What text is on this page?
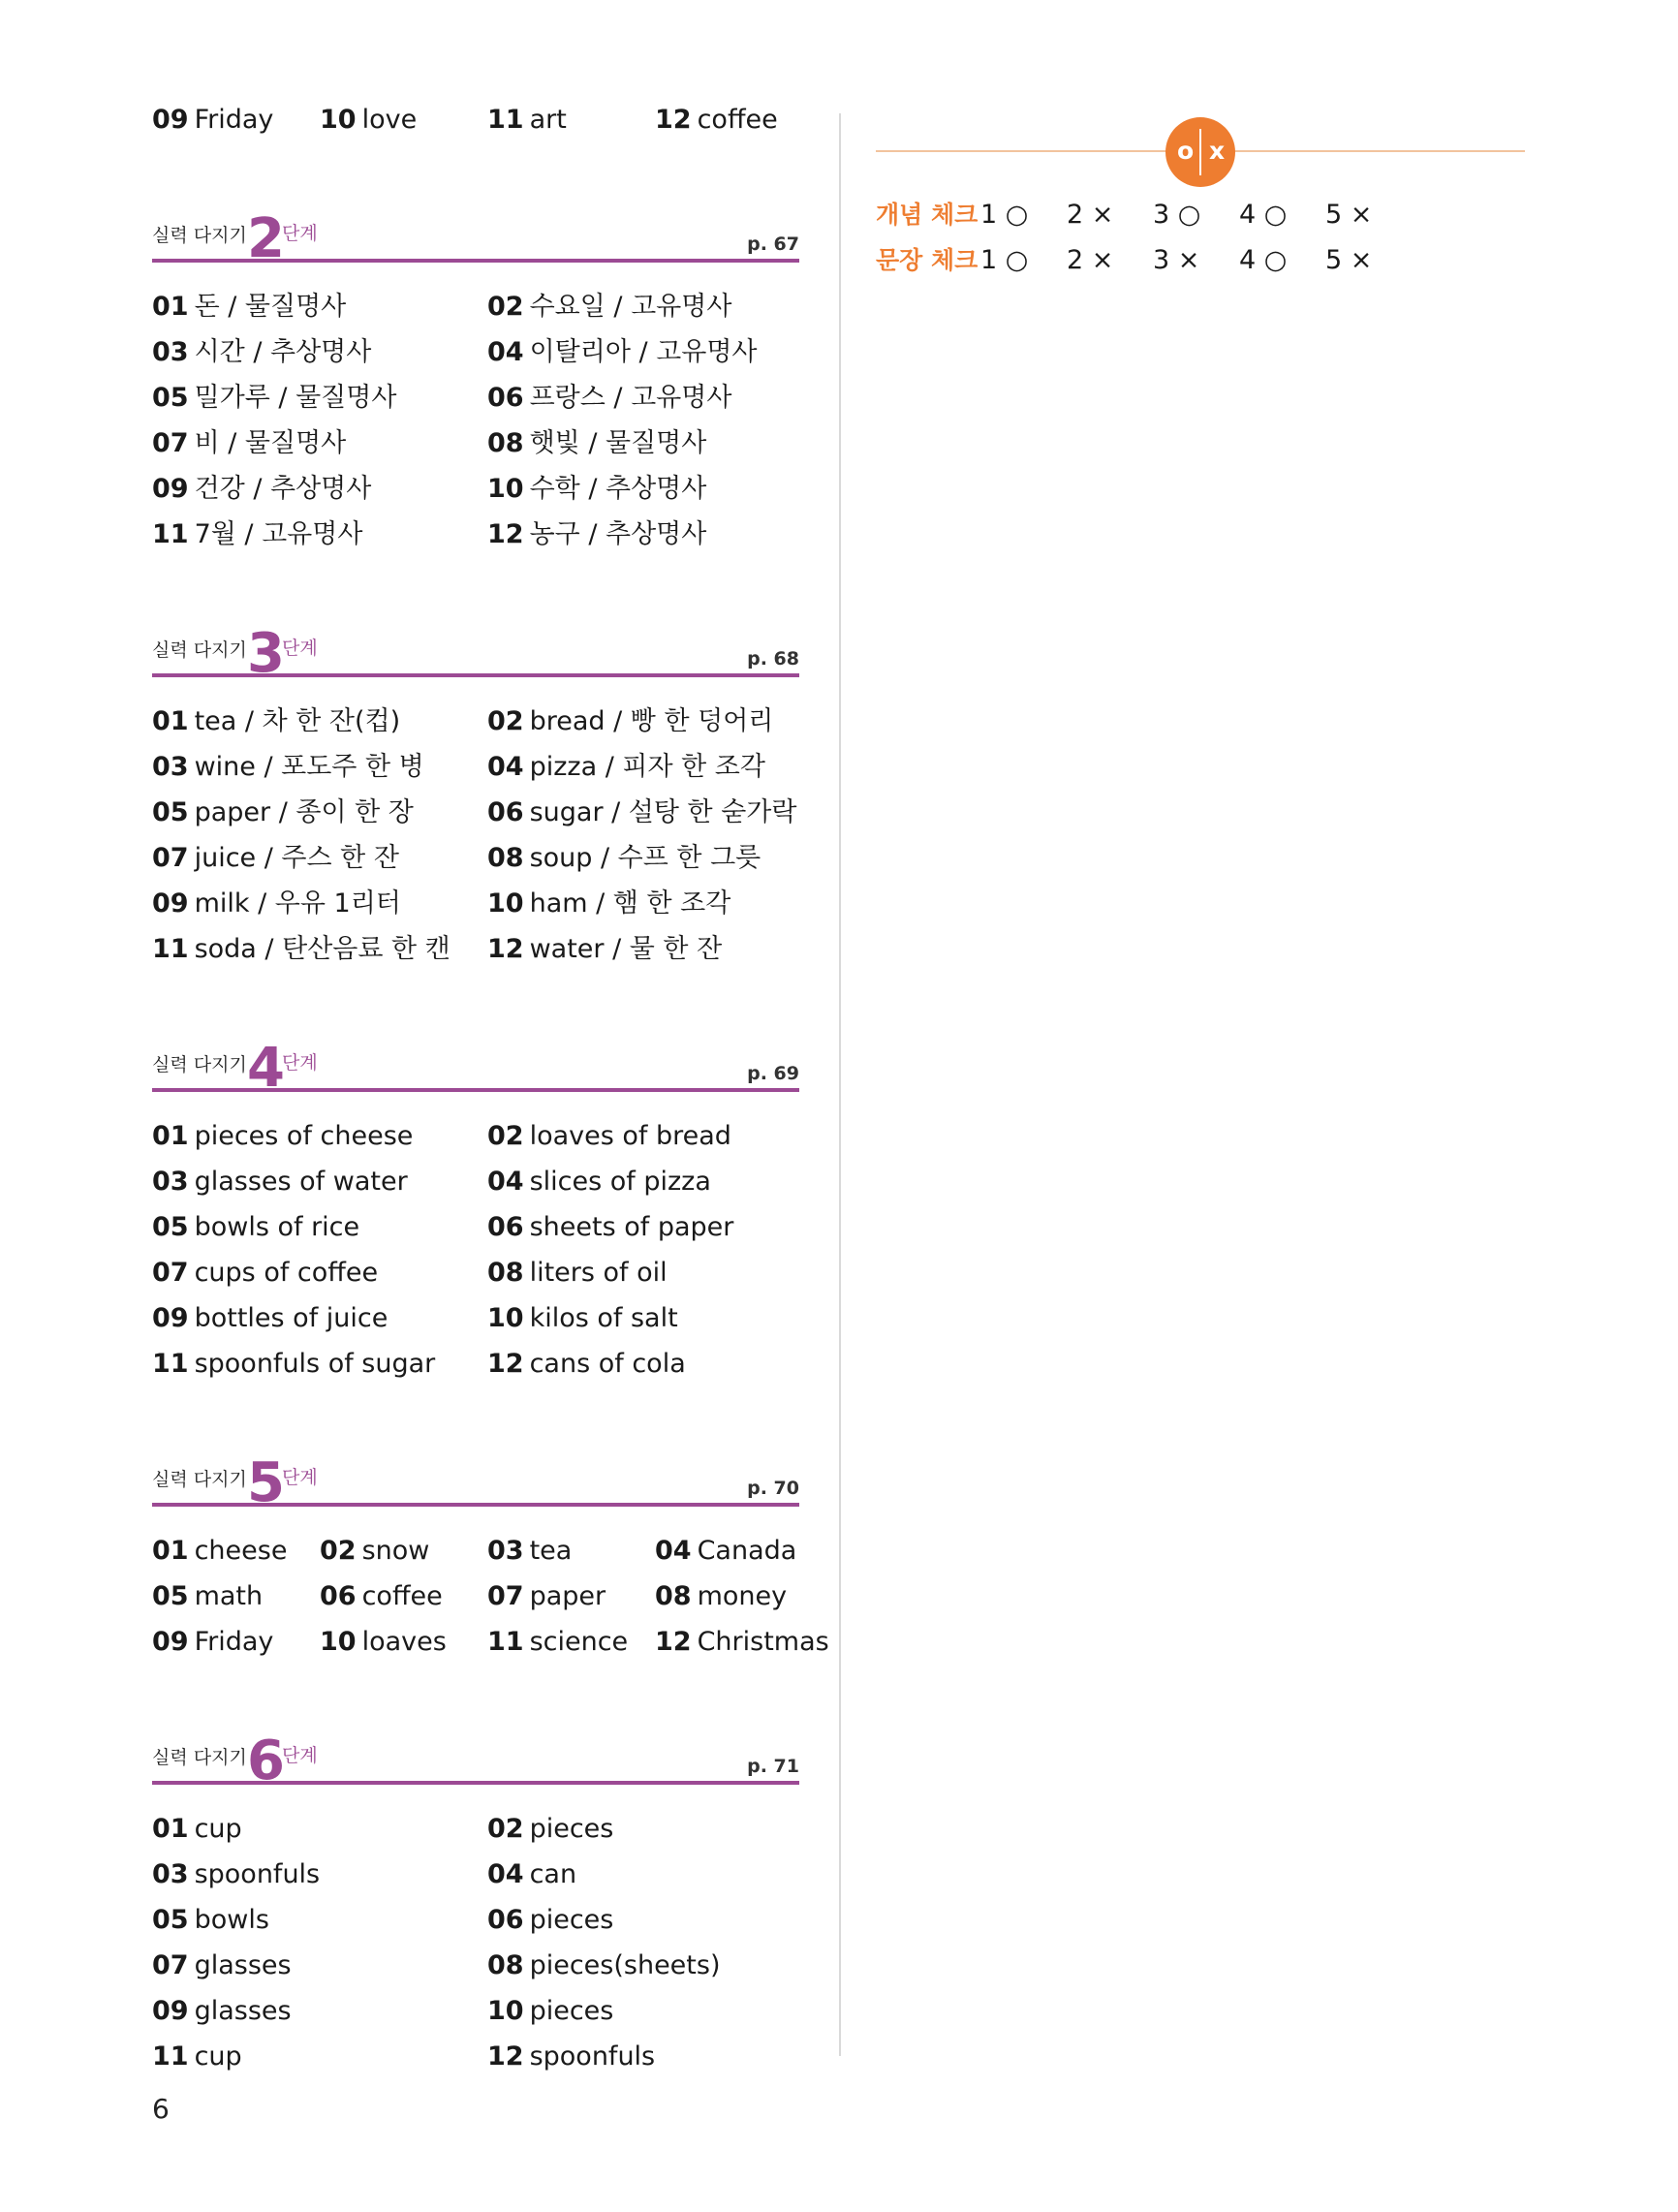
09 Friday	10 love	11 art	12 coffee
실력 다지기 2
단계	p. 67
01 돈 / 물질명사	02 수요일 / 고유명사
03 시간 / 추상명사	04 이탈리아 / 고유명사
05 밀가루 / 물질명사	06 프랑스 / 고유명사
07 비 / 물질명사	08 햇빛 / 물질명사
09 건강 / 추상명사	10 수학 / 추상명사
11 7월 / 고유명사	12 농구 / 추상명사
실력 다지기 3
단계	p. 68
01 tea / 차 한 잔(컵)	02 bread / 빵 한 덩어리
03 wine / 포도주 한 병	04 pizza / 피자 한 조각
05 paper / 종이 한 장	06 sugar / 설탕 한 숟가락
07 juice / 주스 한 잔	08 soup / 수프 한 그릇
09 milk / 우유 1리터	10 ham / 햄 한 조각
11 soda / 탄산음료 한 캔	12 water / 물 한 잔
실력 다지기 4
단계	p. 69
01 pieces of cheese	02 loaves of bread
03 glasses of water	04 slices of pizza
05 bowls of rice	06 sheets of paper
07 cups of coffee	08 liters of oil
09 bottles of juice	10 kilos of salt
11 spoonfuls of sugar	12 cans of cola
실력 다지기 5
단계	p. 70
01 cheese	02 snow	03 tea	04 Canada
05 math	06 coffee	07 paper	08 money
09 Friday	10 loaves	11 science	12 Christmas
실력 다지기 6
단계	p. 71
01 cup	02 pieces
03 spoonfuls	04 can
05 bowls	06 pieces
07 glasses	08 pieces(sheets)
09 glasses	10 pieces
11 cup	12 spoonfuls
o x
개념 체크1 ○ 2 × 3 ○ 4 ○ 5 ×
문장 체크1 ○ 2 × 3 × 4 ○ 5 ×
6
